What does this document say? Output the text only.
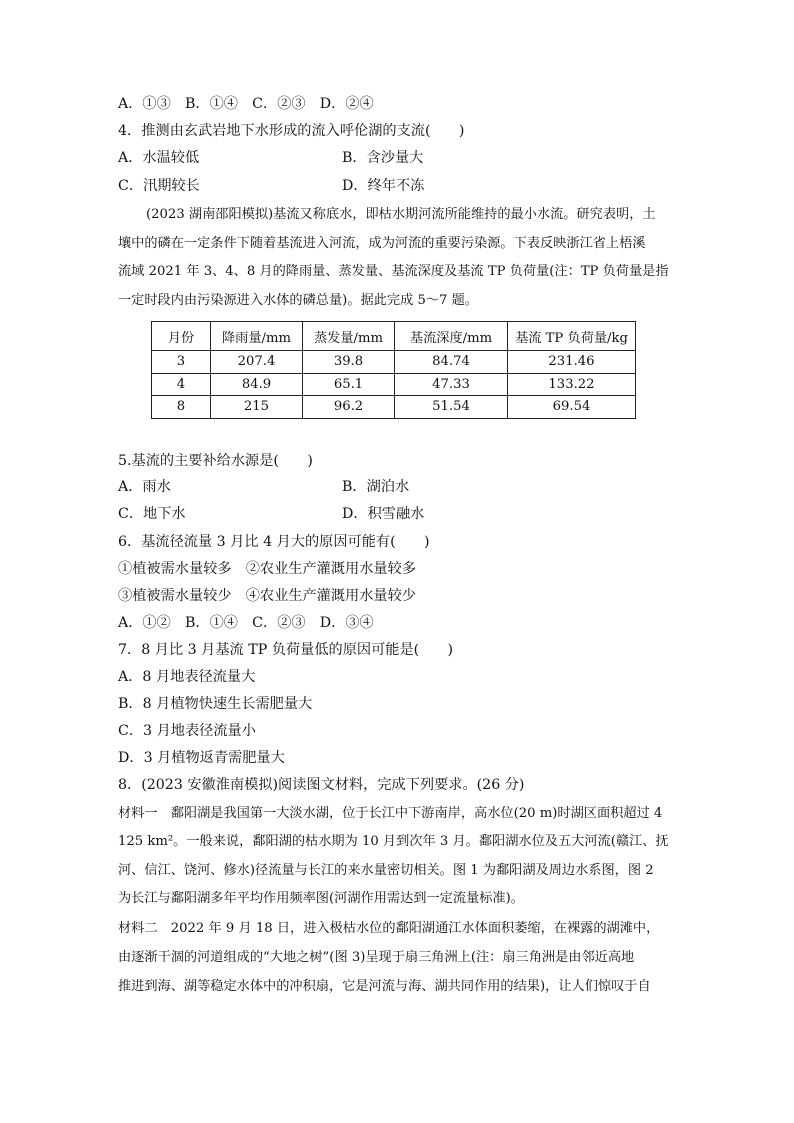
A．①③　B．①④　C．②③　D．②④
4．推测由玄武岩地下水形成的流入呼伦湖的支流(　　)
A．水温较低	B．含沙量大
C．汛期较长	D．终年不冻
(2023 湖南邵阳模拟)基流又称底水，即枯水期河流所能维持的最小水流。研究表明，土
壤中的磷在一定条件下随着基流进入河流，成为河流的重要污染源。下表反映浙江省上梧溪
流域 2021 年 3、4、8 月的降雨量、蒸发量、基流深度及基流 TP 负荷量(注：TP 负荷量是指
一定时段内由污染源进入水体的磷总量)。据此完成 5～7 题。
月份	降雨量/mm	蒸发量/mm	基流深度/mm	基流 TP 负荷量/kg
3	207.4	39.8	84.74	231.46
4	84.9	65.1	47.33	133.22
8	215	96.2	51.54	69.54
5.基流的主要补给水源是(　　)
A．雨水	B．湖泊水
C．地下水	D．积雪融水
6．基流径流量 3 月比 4 月大的原因可能有(　　)
①植被需水量较多　②农业生产灌溉用水量较多
③植被需水量较少　④农业生产灌溉用水量较少
A．①②　B．①④　C．②③　D．③④
7．8 月比 3 月基流 TP 负荷量低的原因可能是(　　)
A．8 月地表径流量大
B．8 月植物快速生长需肥量大
C．3 月地表径流量小
D．3 月植物返青需肥量大
8．(2023 安徽淮南模拟)阅读图文材料，完成下列要求。(26 分)
材料一　鄱阳湖是我国第一大淡水湖，位于长江中下游南岸，高水位(20 m)时湖区面积超过 4
125 km²。一般来说，鄱阳湖的枯水期为 10 月到次年 3 月。鄱阳湖水位及五大河流(赣江、抚
河、信江、饶河、修水)径流量与长江的来水量密切相关。图 1 为鄱阳湖及周边水系图，图 2
为长江与鄱阳湖多年平均作用频率图(河湖作用需达到一定流量标准)。
材料二　2022 年 9 月 18 日，进入极枯水位的鄱阳湖通江水体面积萎缩，在裸露的湖滩中，
由逐渐干涸的河道组成的“大地之树”(图 3)呈现于扇三角洲上(注：扇三角洲是由邻近高地
推进到海、湖等稳定水体中的冲积扇，它是河流与海、湖共同作用的结果)，让人们惊叹于自
